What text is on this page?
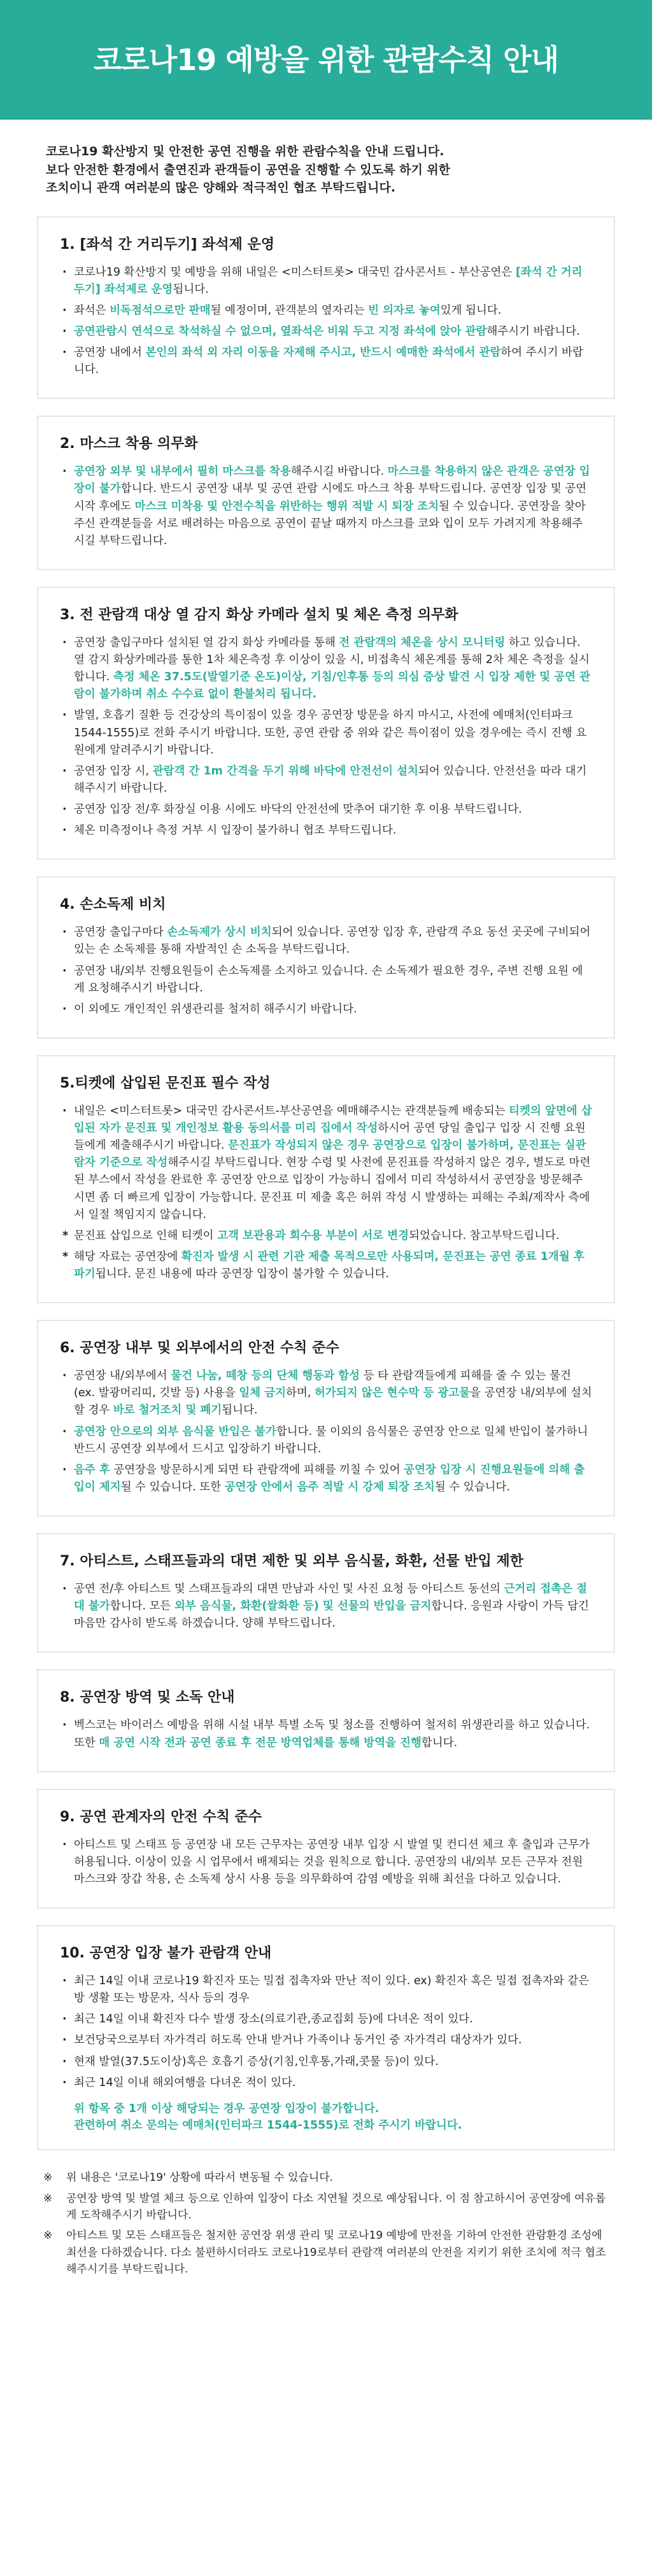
코로나19 예방을 위한 관람수칙 안내

코로나19 확산방지 및 안전한 공연 진행을 위한 관람수칙을 안내 드립니다.

보다 안전한 환경에서 출연진과 관객들이 공연을 진행할 수 있도록 하기 위한

조치이니 관객 여러분의 많은 양해와 적극적인 협조 부탁드립니다.

1. [좌석 간 거리두기] 좌석제 운영
· 코로나19 확산방지 및 예방을 위해 내일은 <미스터트롯> 대국민 감사콘서트 - 부산공연은 [좌석 간 거리두기] 좌석제로 운영됩니다.
· 좌석은 비독점석으로만 판매될 예정이며, 관객분의 옆자리는 빈 의자로 놓여있게 됩니다.
· 공연관람시 연석으로 착석하실 수 없으며, 옆좌석은 비워 두고 지정 좌석에 앉아 관람해주시기 바랍니다.
· 공연장 내에서 본인의 좌석 외 자리 이동을 자제해 주시고, 반드시 예매한 좌석에서 관람하여 주시기 바랍니다.
2. 마스크 착용 의무화
· 공연장 외부 및 내부에서 필히 마스크를 착용해주시길 바랍니다. 마스크를 착용하지 않은 관객은 공연장 입장이 불가합니다. 반드시 공연장 내부 및 공연 관람 시에도 마스크 착용 부탁드립니다. 공연장 입장 및 공연 시작 후에도 마스크 미착용 및 안전수칙을 위반하는 행위 적발 시 퇴장 조치될 수 있습니다. 공연장을 찾아 주신 관객분들을 서로 배려하는 마음으로 공연이 끝날 때까지 마스크를 코와 입이 모두 가려지게 착용해주시길 부탁드립니다.
3. 전 관람객 대상 열 감지 화상 카메라 설치 및 체온 측정 의무화
· 공연장 출입구마다 설치된 열 감지 화상 카메라를 통해 전 관람객의 체온을 상시 모니터링 하고 있습니다. 열 감지 화상카메라를 통한 1차 체온측정 후 이상이 있을 시, 비접촉식 체온계를 통해 2차 체온 측정을 실시합니다. 측정 체온 37.5도(발열기준 온도)이상, 기침/인후통 등의 의심 증상 발견 시 입장 제한 및 공연 관람이 불가하며 취소 수수료 없이 환불처리 됩니다.
· 발열, 호흡기 질환 등 건강상의 특이점이 있을 경우 공연장 방문을 하지 마시고, 사전에 예매처(인터파크 1544-1555)로 전화 주시기 바랍니다. 또한, 공연 관람 중 위와 같은 특이점이 있을 경우에는 즉시 진행 요원에게 알려주시기 바랍니다.
· 공연장 입장 시, 관람객 간 1m 간격을 두기 위해 바닥에 안전선이 설치되어 있습니다. 안전선을 따라 대기해주시기 바랍니다.
· 공연장 입장 전/후 화장실 이용 시에도 바닥의 안전선에 맞추어 대기한 후 이용 부탁드립니다.
· 체온 미측정이나 측정 거부 시 입장이 불가하니 협조 부탁드립니다.
4. 손소독제 비치
· 공연장 출입구마다 손소독제가 상시 비치되어 있습니다. 공연장 입장 후, 관람객 주요 동선 곳곳에 구비되어 있는 손 소독제를 통해 자발적인 손 소독을 부탁드립니다.
· 공연장 내/외부 진행요원들이 손소독제를 소지하고 있습니다. 손 소독제가 필요한 경우, 주변 진행 요원 에게 요청해주시기 바랍니다.
· 이 외에도 개인적인 위생관리를 철저히 해주시기 바랍니다.
5.티켓에 삽입된 문진표 필수 작성
· 내일은 <미스터트롯> 대국민 감사콘서트-부산공연을 예매해주시는 관객분들께 배송되는 티켓의 앞면에 삽입된 자가 문진표 및 개인정보 활용 동의서를 미리 집에서 작성하시어 공연 당일 출입구 입장 시 진행 요원들에게 제출해주시기 바랍니다. 문진표가 작성되지 않은 경우 공연장으로 입장이 불가하며, 문진표는 실관람자 기준으로 작성해주시길 부탁드립니다. 현장 수령 및 사전에 문진표를 작성하지 않은 경우, 별도로 마련된 부스에서 작성을 완료한 후 공연장 안으로 입장이 가능하니 집에서 미리 작성하셔서 공연장을 방문해주시면 좀 더 빠르게 입장이 가능합니다. 문진표 미 제출 혹은 허위 작성 시 발생하는 피해는 주최/제작사 측에서 일절 책임지지 않습니다.
* 문진표 삽입으로 인해 티켓이 고객 보관용과 회수용 부분이 서로 변경되었습니다. 참고부탁드립니다.
* 해당 자료는 공연장에 확진자 발생 시 관련 기관 제출 목적으로만 사용되며, 문진표는 공연 종료 1개월 후 파기됩니다. 문진 내용에 따라 공연장 입장이 불가할 수 있습니다.
6. 공연장 내부 및 외부에서의 안전 수칙 준수
· 공연장 내/외부에서 물건 나눔, 떼창 등의 단체 행동과 함성 등 타 관람객들에게 피해를 줄 수 있는 물건(ex. 발광머리띠, 깃발 등) 사용을 일체 금지하며, 허가되지 않은 현수막 등 광고물을 공연장 내/외부에 설치할 경우 바로 철거조치 및 폐기됩니다.
· 공연장 안으로의 외부 음식물 반입은 불가합니다. 물 이외의 음식물은 공연장 안으로 일체 반입이 불가하니 반드시 공연장 외부에서 드시고 입장하기 바랍니다.
· 음주 후 공연장을 방문하시게 되면 타 관람객에 피해를 끼칠 수 있어 공연장 입장 시 진행요원들에 의해 출입이 제지될 수 있습니다. 또한 공연장 안에서 음주 적발 시 강제 퇴장 조치될 수 있습니다.
7. 아티스트, 스태프들과의 대면 제한 및 외부 음식물, 화환, 선물 반입 제한
· 공연 전/후 아티스트 및 스태프들과의 대면 만남과 사인 및 사진 요청 등 아티스트 동선의 근거리 접촉은 절대 불가합니다. 모든 외부 음식물, 화환(쌀화환 등) 및 선물의 반입을 금지합니다. 응원과 사랑이 가득 담긴 마음만 감사히 받도록 하겠습니다. 양해 부탁드립니다.
8. 공연장 방역 및 소독 안내
· 벡스코는 바이러스 예방을 위해 시설 내부 특별 소독 및 청소를 진행하여 철저히 위생관리를 하고 있습니다. 또한 매 공연 시작 전과 공연 종료 후 전문 방역업체를 통해 방역을 진행합니다.
9. 공연 관계자의 안전 수칙 준수
· 아티스트 및 스태프 등 공연장 내 모든 근무자는 공연장 내부 입장 시 발열 및 컨디션 체크 후 출입과 근무가 허용됩니다. 이상이 있을 시 업무에서 배제되는 것을 원칙으로 합니다. 공연장의 내/외부 모든 근무자 전원 마스크와 장갑 착용, 손 소독제 상시 사용 등을 의무화하여 감염 예방을 위해 최선을 다하고 있습니다.
10. 공연장 입장 불가 관람객 안내
· 최근 14일 이내 코로나19 확진자 또는 밀접 접촉자와 만난 적이 있다. ex) 확진자 혹은 밀접 접촉자와 같은 방 생활 또는 방문자, 식사 등의 경우
· 최근 14일 이내 확진자 다수 발생 장소(의료기관,종교집회 등)에 다녀온 적이 있다.
· 보건당국으로부터 자가격리 허도록 안내 받거나 가족이나 동거인 중 자가격리 대상자가 있다.
· 현재 발열(37.5도이상)혹은 호흡기 증상(기침,인후통,가래,콧물 등)이 있다.
· 최근 14일 이내 해외여행을 다녀온 적이 있다.
위 항목 중 1개 이상 해당되는 경우 공연장 입장이 불가합니다.
관련하여 취소 문의는 예매처(인터파크 1544-1555)로 전화 주시기 바랍니다.

※ 위 내용은 '코로나19' 상황에 따라서 변동될 수 있습니다.

※ 공연장 방역 및 발열 체크 등으로 인하여 입장이 다소 지연될 것으로 예상됩니다. 이 점 참고하시어 공연장에 여유롭게 도착해주시기 바랍니다.

※ 아티스트 및 모든 스태프들은 철저한 공연장 위생 관리 및 코로나19 예방에 만전을 기하여 안전한 관람환경 조성에 최선을 다하겠습니다. 다소 불편하시더라도 코로나19로부터 관람객 여러분의 안전을 지키기 위한 조치에 적극 협조해주시기를 부탁드립니다.
